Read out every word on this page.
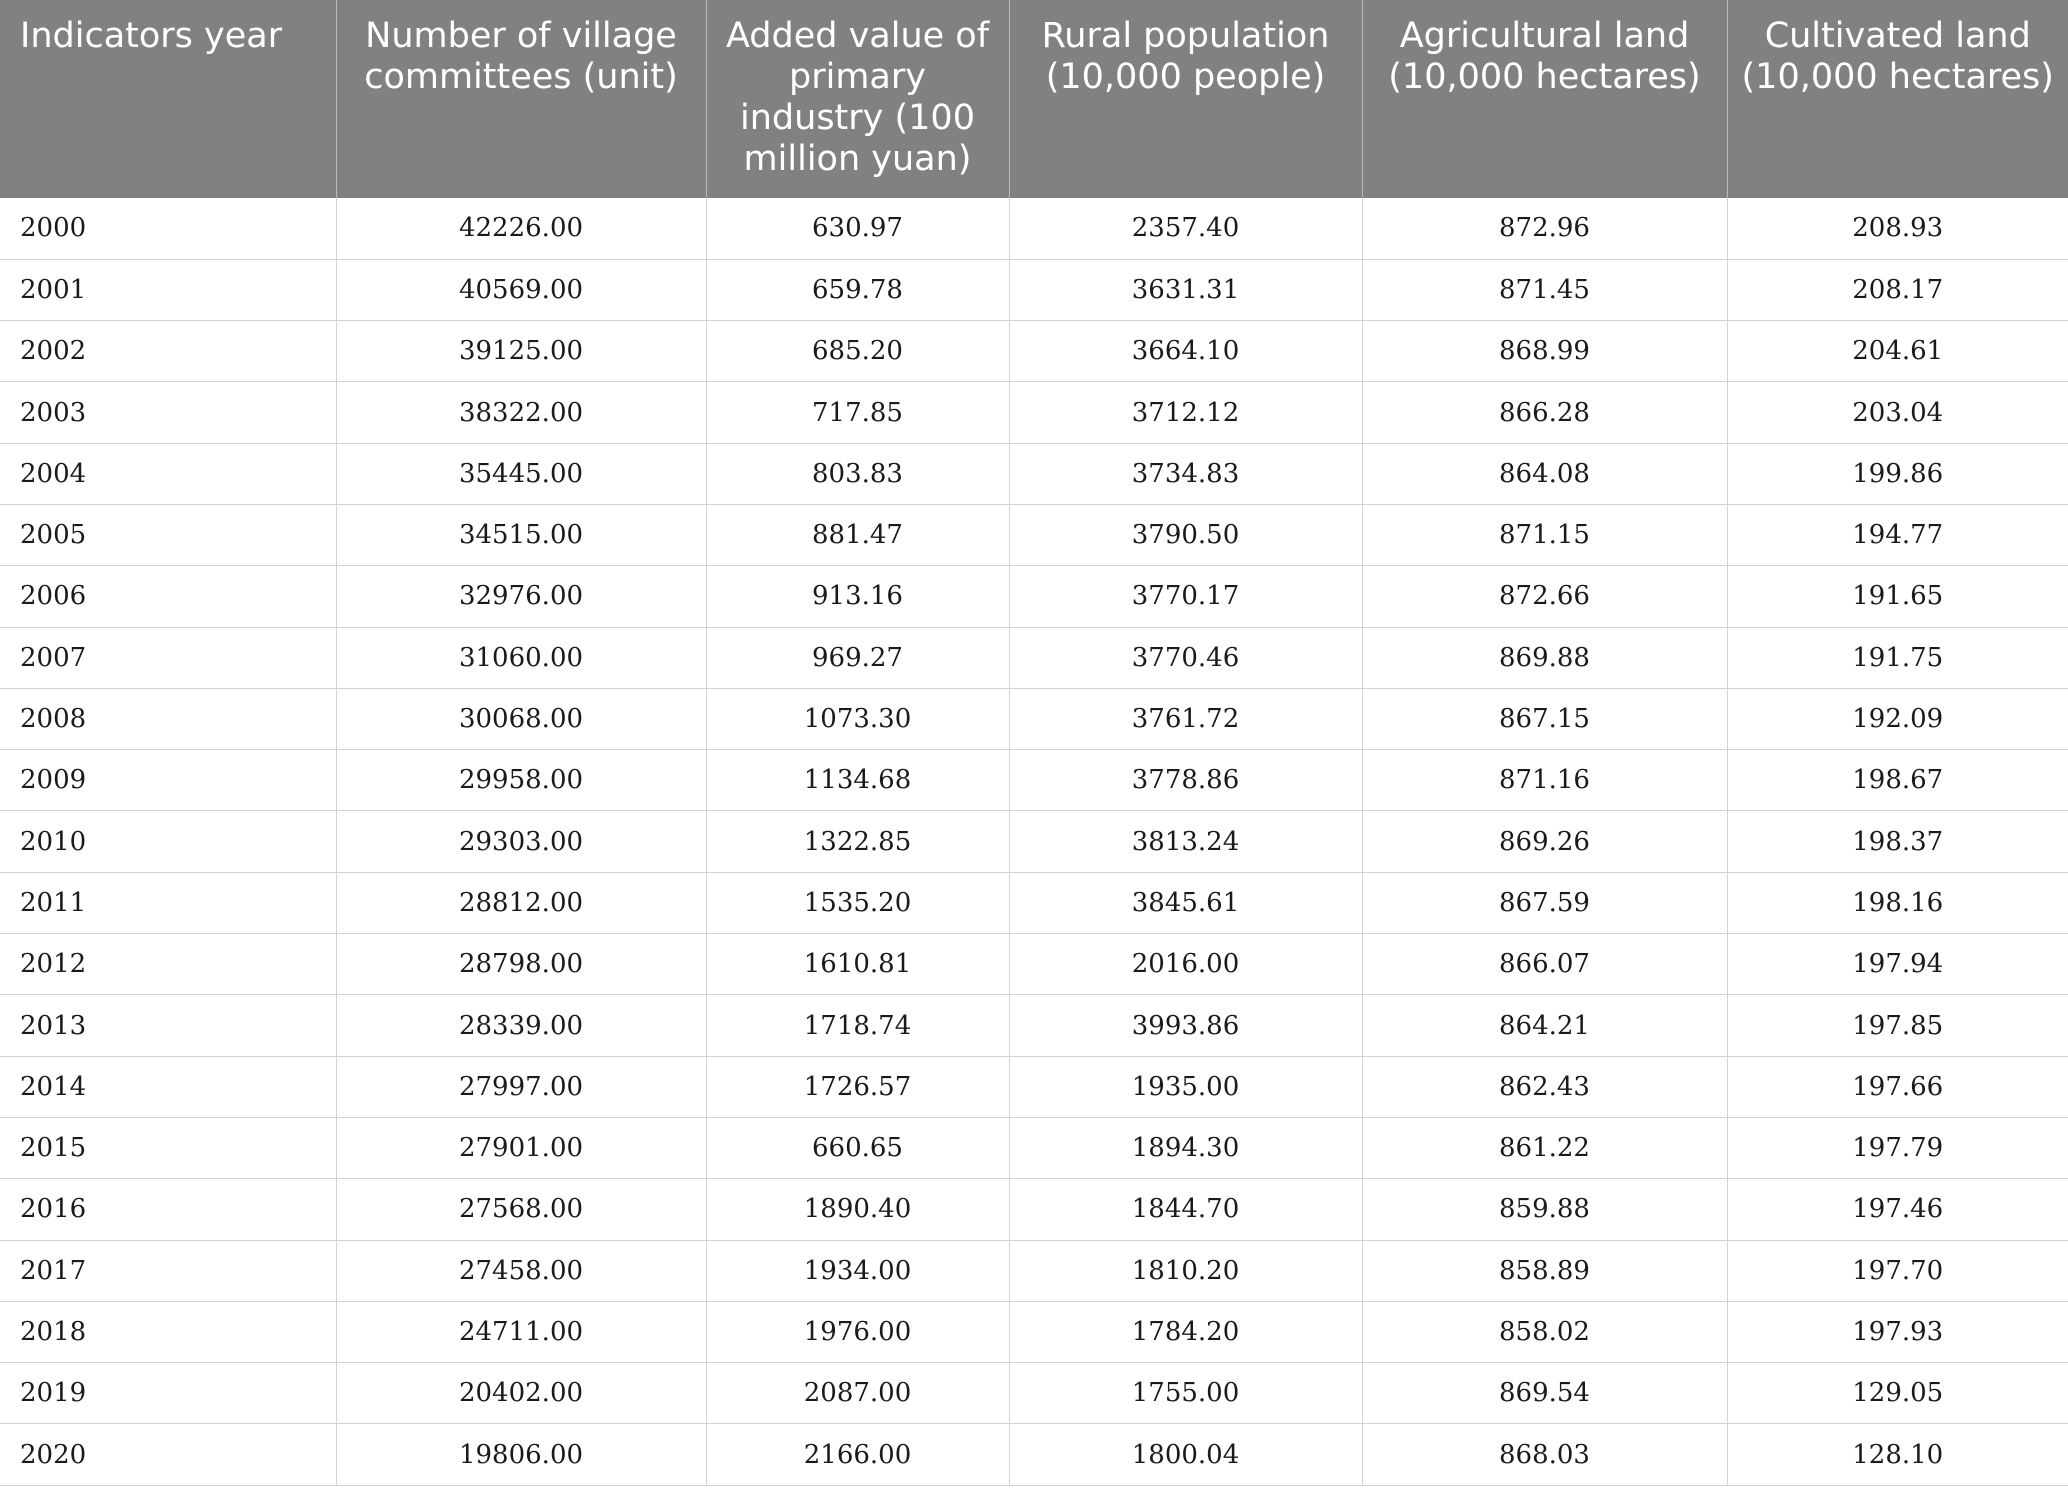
Indicators year	Number of village committees (unit)	Added value of primary industry (100 million yuan)	Rural population (10,000 people)	Agricultural land (10,000 hectares)	Cultivated land (10,000 hectares)
2000	42226.00	630.97	2357.40	872.96	208.93
2001	40569.00	659.78	3631.31	871.45	208.17
2002	39125.00	685.20	3664.10	868.99	204.61
2003	38322.00	717.85	3712.12	866.28	203.04
2004	35445.00	803.83	3734.83	864.08	199.86
2005	34515.00	881.47	3790.50	871.15	194.77
2006	32976.00	913.16	3770.17	872.66	191.65
2007	31060.00	969.27	3770.46	869.88	191.75
2008	30068.00	1073.30	3761.72	867.15	192.09
2009	29958.00	1134.68	3778.86	871.16	198.67
2010	29303.00	1322.85	3813.24	869.26	198.37
2011	28812.00	1535.20	3845.61	867.59	198.16
2012	28798.00	1610.81	2016.00	866.07	197.94
2013	28339.00	1718.74	3993.86	864.21	197.85
2014	27997.00	1726.57	1935.00	862.43	197.66
2015	27901.00	660.65	1894.30	861.22	197.79
2016	27568.00	1890.40	1844.70	859.88	197.46
2017	27458.00	1934.00	1810.20	858.89	197.70
2018	24711.00	1976.00	1784.20	858.02	197.93
2019	20402.00	2087.00	1755.00	869.54	129.05
2020	19806.00	2166.00	1800.04	868.03	128.10
